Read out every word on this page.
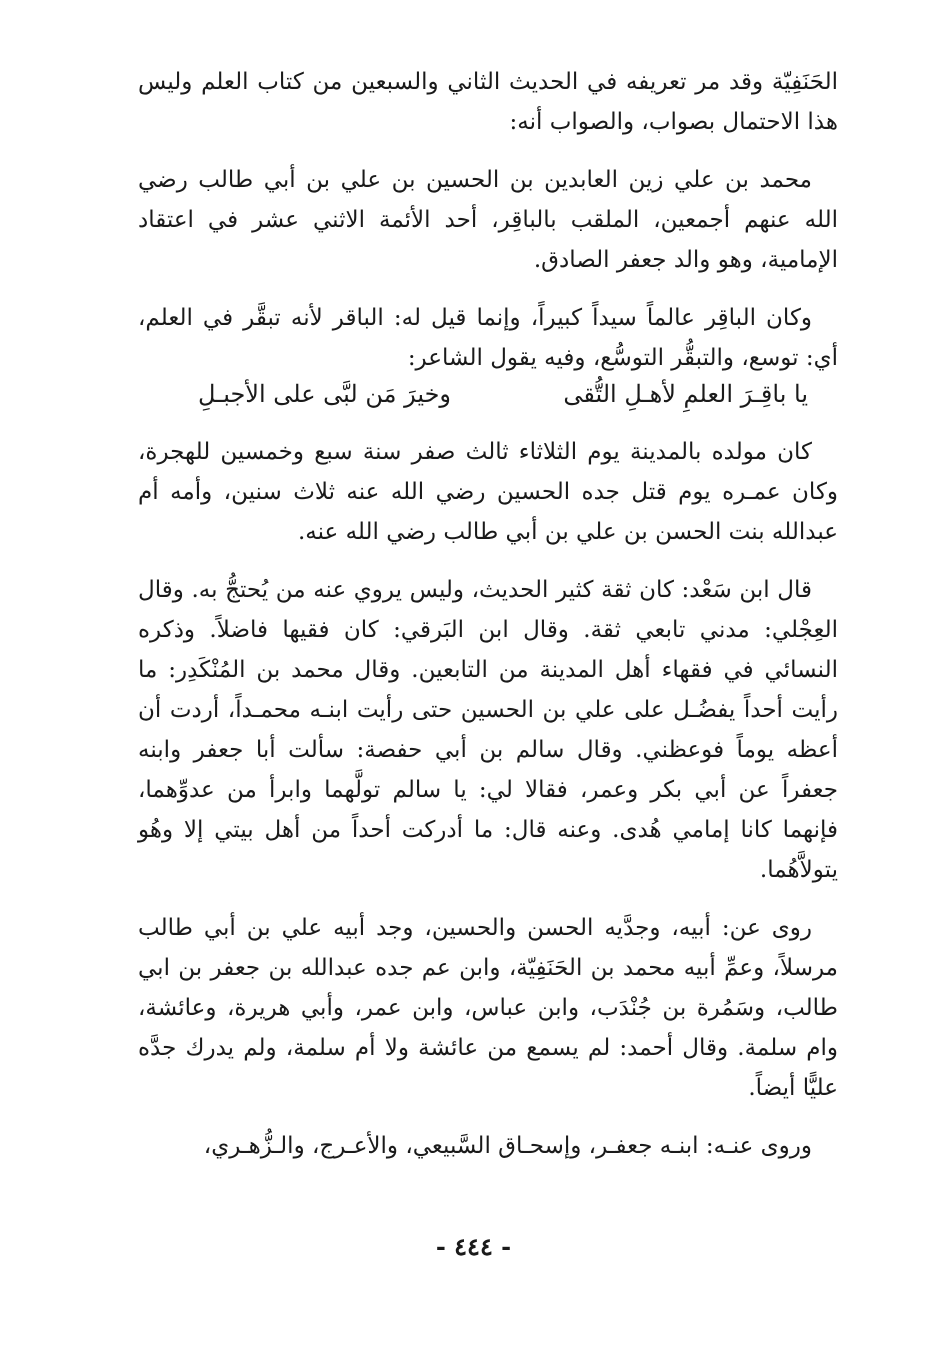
الحَنَفِيّة وقد مر تعريفه في الحديث الثاني والسبعين من كتاب العلم وليس هذا الاحتمال بصواب، والصواب أنه:

محمد بن علي زين العابدين بن الحسين بن علي بن أبي طالب رضي الله عنهم أجمعين، الملقب بالباقِر، أحد الأئمة الاثني عشر في اعتقاد الإمامية، وهو والد جعفر الصادق.

وكان الباقِر عالماً سيداً كبيراً، وإنما قيل له: الباقر لأنه تبقَّر في العلم، أي: توسع، والتبقُّر التوسُّع، وفيه يقول الشاعر:

يا باقِـرَ العلمِ لأهـلِ التُّقى
وخيرَ مَن لبَّى على الأجبـلِ

كان مولده بالمدينة يوم الثلاثاء ثالث صفر سنة سبع وخمسين للهجرة، وكان عمـره يوم قتل جده الحسين رضي الله عنه ثلاث سنين، وأمه أم عبدالله بنت الحسن بن علي بن أبي طالب رضي الله عنه.

قال ابن سَعْد: كان ثقة كثير الحديث، وليس يروي عنه من يُحتجُّ به. وقال العِجْلي: مدني تابعي ثقة. وقال ابن البَرقي: كان فقيها فاضلاً. وذكره النسائي في فقهاء أهل المدينة من التابعين. وقال محمد بن المُنْكَدِر: ما رأيت أحداً يفضُـل على علي بن الحسين حتى رأيت ابنـه محمـداً، أردت أن أعظه يوماً فوعظني. وقال سالم بن أبي حفصة: سألت أبا جعفر وابنه جعفراً عن أبي بكر وعمر، فقالا لي: يا سالم تولَّهما وابرأ من عدوِّهما، فإنهما كانا إمامي هُدى. وعنه قال: ما أدركت أحداً من أهل بيتي إلا وهُو يتولاَّهُما.

روى عن: أبيه، وجدَّيه الحسن والحسين، وجد أبيه علي بن أبي طالب مرسلاً، وعمِّ أبيه محمد بن الحَنَفِيّة، وابن عم جده عبدالله بن جعفر بن ابي طالب، وسَمُرة بن جُنْدَب، وابن عباس، وابن عمر، وأبي هريرة، وعائشة، وام سلمة. وقال أحمد: لم يسمع من عائشة ولا أم سلمة، ولم يدرك جدَّه عليًّا أيضاً.

وروى عنـه: ابنـه جعفـر، وإسحـاق السَّبيعي، والأعـرج، والـزُّهـري،

- ٤٤٤ -
